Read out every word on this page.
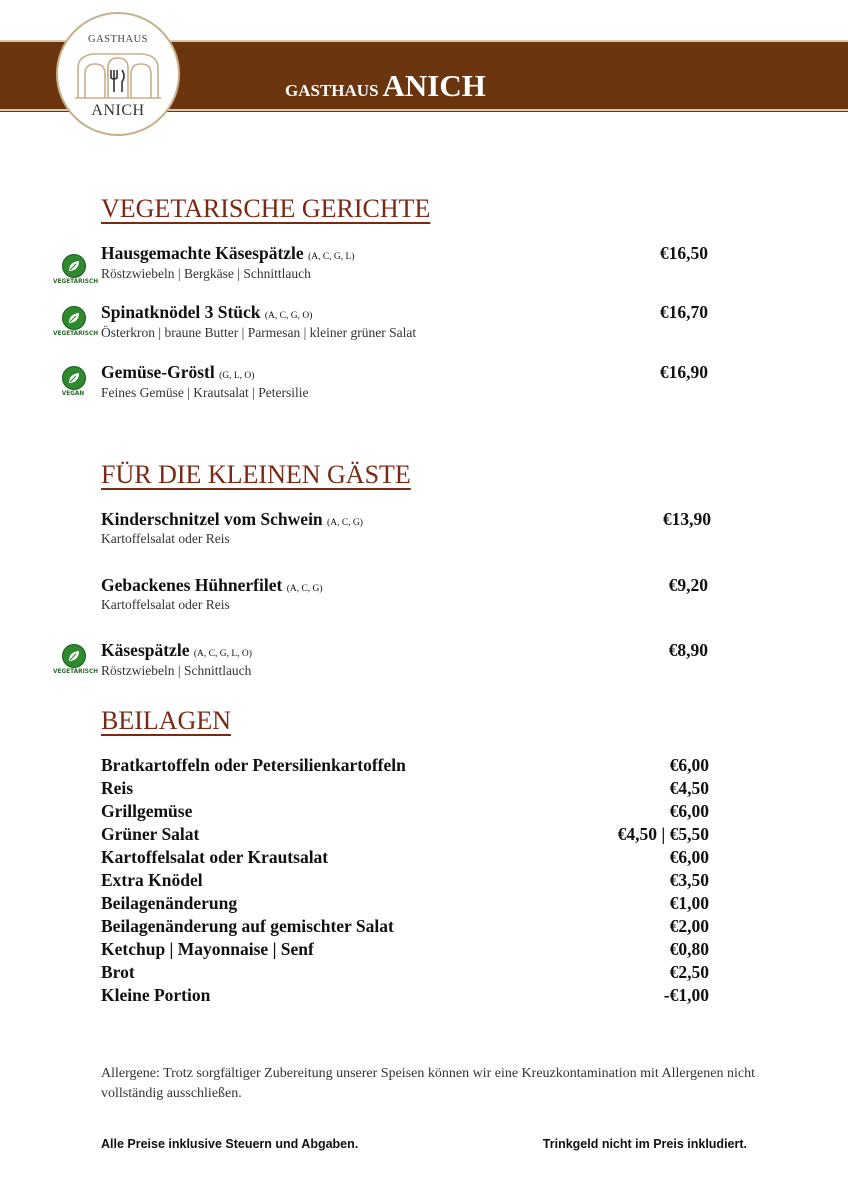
GASTHAUS
ANICH
GASTHAUS ANICH
VEGETARISCHE GERICHTE
VEGETARISCH
Hausgemachte Käsespätzle (A, C, G, L)
Röstzwiebeln | Bergkäse | Schnittlauch
€16,50
VEGETARISCH
Spinatknödel 3 Stück (A, C, G, O)
Österkron | braune Butter | Parmesan | kleiner grüner Salat
€16,70
VEGAN
Gemüse-Gröstl (G, L, O)
Feines Gemüse | Krautsalat | Petersilie
€16,90
FÜR DIE KLEINEN GÄSTE
Kinderschnitzel vom Schwein (A, C, G)
Kartoffelsalat oder Reis
€13,90
Gebackenes Hühnerfilet (A, C, G)
Kartoffelsalat oder Reis
€9,20
VEGETARISCH
Käsespätzle (A, C, G, L, O)
Röstzwiebeln | Schnittlauch
€8,90
BEILAGEN
Bratkartoffeln oder Petersilienkartoffeln	€6,00
Reis	€4,50
Grillgemüse	€6,00
Grüner Salat	€4,50 | €5,50
Kartoffelsalat oder Krautsalat	€6,00
Extra Knödel	€3,50
Beilagenänderung	€1,00
Beilagenänderung auf gemischter Salat	€2,00
Ketchup | Mayonnaise | Senf	€0,80
Brot	€2,50
Kleine Portion	-€1,00
Allergene: Trotz sorgfältiger Zubereitung unserer Speisen können wir eine Kreuzkontamination mit Allergenen nicht vollständig ausschließen.
Alle Preise inklusive Steuern und Abgaben.	Trinkgeld nicht im Preis inkludiert.
